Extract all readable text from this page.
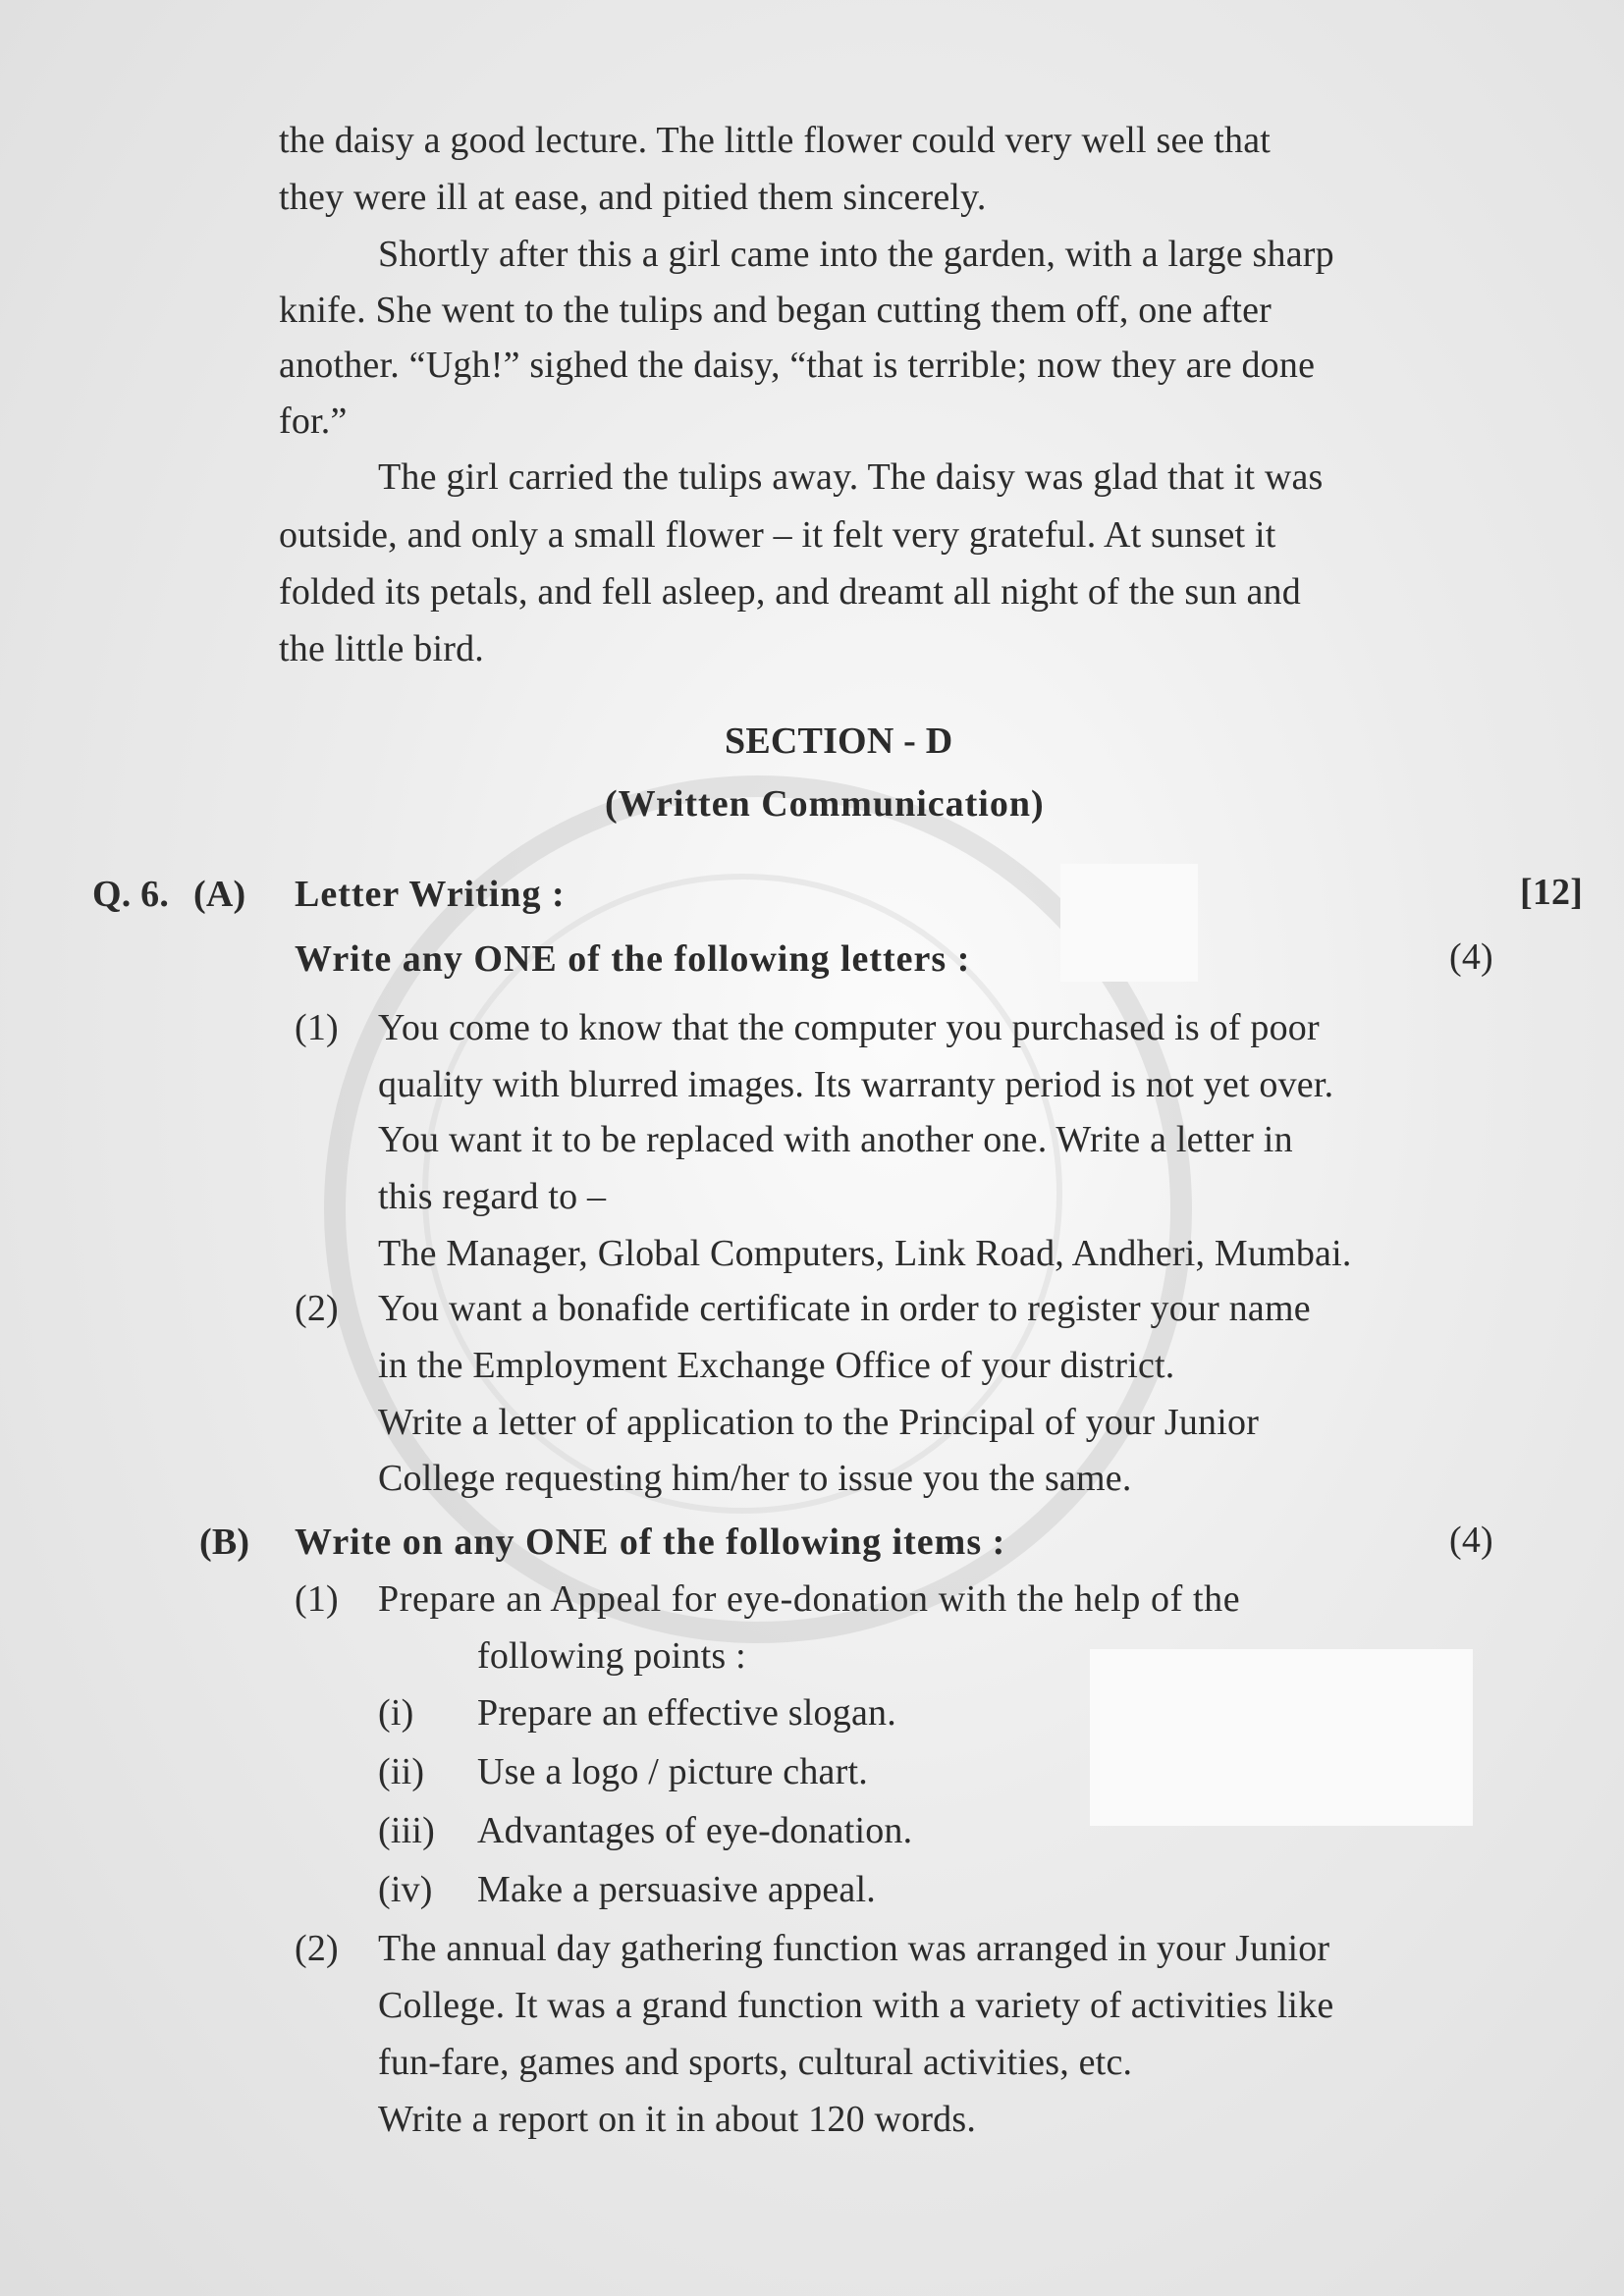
the daisy a good lecture. The little flower could very well see that
they were ill at ease, and pitied them sincerely.
Shortly after this a girl came into the garden, with a large sharp
knife. She went to the tulips and began cutting them off, one after
another. “Ugh!” sighed the daisy, “that is terrible; now they are done
for.”
The girl carried the tulips away. The daisy was glad that it was
outside, and only a small flower – it felt very grateful. At sunset it
folded its petals, and fell asleep, and dreamt all night of the sun and
the little bird.
SECTION - D
(Written Communication)
Q. 6. (A) Letter Writing :	[12]
Write any ONE of the following letters :	(4)
(1) You come to know that the computer you purchased is of poor
quality with blurred images. Its warranty period is not yet over.
You want it to be replaced with another one. Write a letter in
this regard to –
The Manager, Global Computers, Link Road, Andheri, Mumbai.
(2) You want a bonafide certificate in order to register your name
in the Employment Exchange Office of your district.
Write a letter of application to the Principal of your Junior
College requesting him/her to issue you the same.
(B) Write on any ONE of the following items :	(4)
(1) Prepare an Appeal for eye-donation with the help of the
following points :
(i) Prepare an effective slogan.
(ii) Use a logo / picture chart.
(iii) Advantages of eye-donation.
(iv) Make a persuasive appeal.
(2) The annual day gathering function was arranged in your Junior
College. It was a grand function with a variety of activities like
fun-fare, games and sports, cultural activities, etc.
Write a report on it in about 120 words.
